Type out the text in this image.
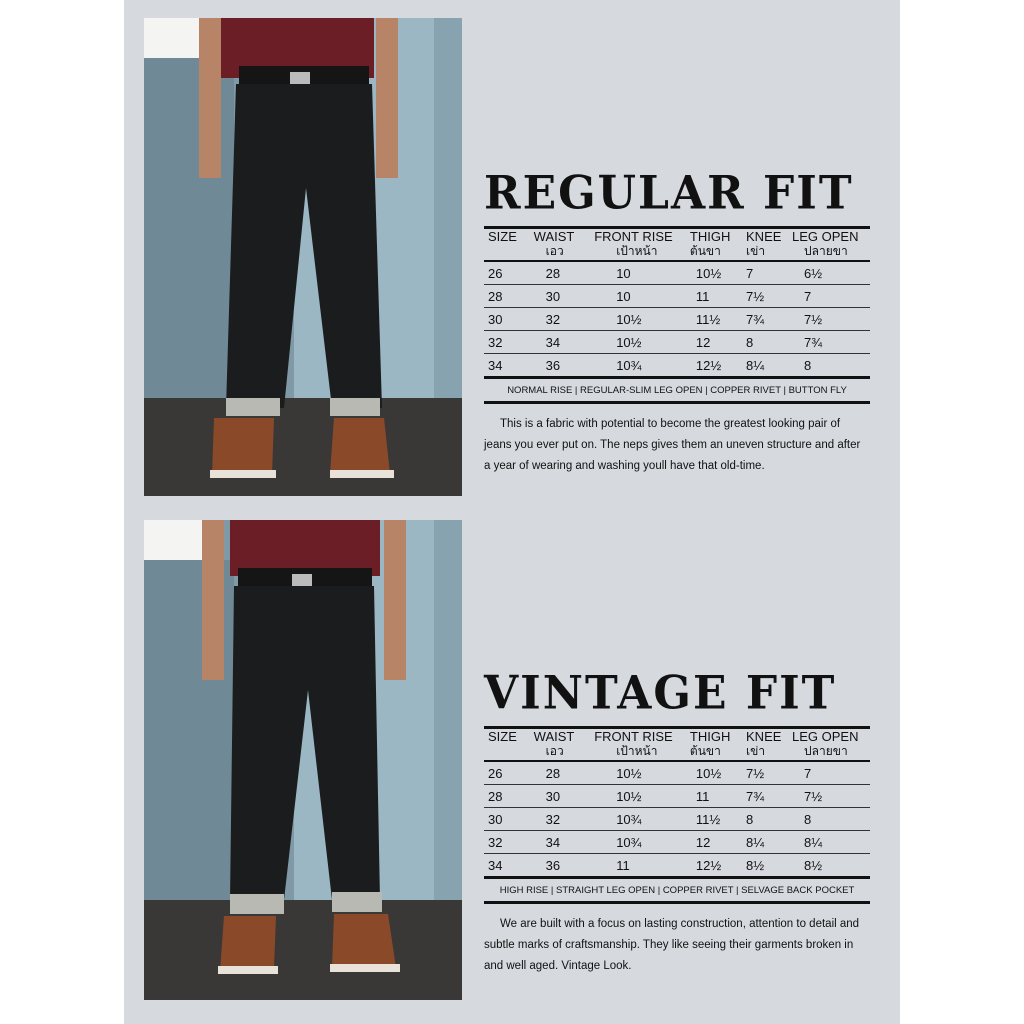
REGULAR FIT
SIZE	WAIST	FRONT RISE	THIGH	KNEE	LEG OPEN
	เอว	เป้าหน้า	ต้นขา	เข่า	ปลายขา
26	28	10	10½	7	6½
28	30	10	11	7½	7
30	32	10½	11½	7¾	7½
32	34	10½	12	8	7¾
34	36	10¾	12½	8¼	8
NORMAL RISE | REGULAR-SLIM LEG OPEN | COPPER RIVET | BUTTON FLY
This is a fabric with potential to become the greatest looking pair of jeans you ever put on. The neps gives them an uneven structure and after a year of wearing and washing youll have that old-time.
VINTAGE FIT
SIZE	WAIST	FRONT RISE	THIGH	KNEE	LEG OPEN
	เอว	เป้าหน้า	ต้นขา	เข่า	ปลายขา
26	28	10½	10½	7½	7
28	30	10½	11	7¾	7½
30	32	10¾	11½	8	8
32	34	10¾	12	8¼	8¼
34	36	11	12½	8½	8½
HIGH RISE | STRAIGHT LEG OPEN | COPPER RIVET | SELVAGE BACK POCKET
We are built with a focus on lasting construction, attention to detail and subtle marks of craftsmanship. They like seeing their garments broken in and well aged. Vintage Look.
